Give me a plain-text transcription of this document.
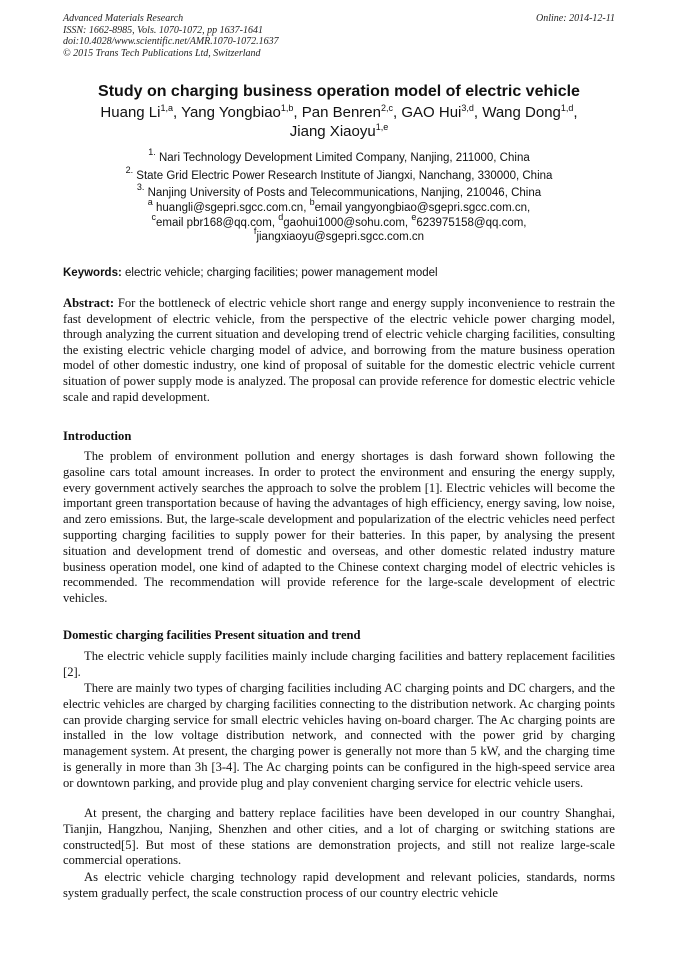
Advanced Materials Research
ISSN: 1662-8985, Vols. 1070-1072, pp 1637-1641
doi:10.4028/www.scientific.net/AMR.1070-1072.1637
© 2015 Trans Tech Publications Ltd, Switzerland
Online: 2014-12-11
Study on charging business operation model of electric vehicle
Huang Li$^{1,a}$, Yang Yongbiao$^{1,b}$, Pan Benren$^{2,c}$, GAO Hui$^{3,d}$, Wang Dong$^{1,d}$,
Jiang Xiaoyu$^{1,e}$
$^{1.}$ Nari Technology Development Limited Company, Nanjing, 211000, China
$^{2.}$ State Grid Electric Power Research Institute of Jiangxi, Nanchang, 330000, China
$^{3.}$ Nanjing University of Posts and Telecommunications, Nanjing, 210046, China
$^a$ huangli@sgepri.sgcc.com.cn, $^b$email yangyongbiao@sgepri.sgcc.com.cn,
$^c$email pbr168@qq.com, $^d$gaohui1000@sohu.com, $^e$623975158@qq.com,
$^f$jiangxiaoyu@sgepri.sgcc.com.cn
Keywords: electric vehicle; charging facilities; power management model

Abstract: For the bottleneck of electric vehicle short range and energy supply inconvenience to restrain the fast development of electric vehicle, from the perspective of the electric vehicle power charging model, through analyzing the current situation and developing trend of electric vehicle charging facilities, consulting the existing electric vehicle charging model of advice, and borrowing from the mature business operation model of other domestic industry, one kind of proposal of suitable for the domestic electric vehicle current situation of power supply mode is analyzed. The proposal can provide reference for domestic electric vehicle scale and rapid development.

Introduction

The problem of environment pollution and energy shortages is dash forward shown following the gasoline cars total amount increases. In order to protect the environment and ensuring the energy supply, every government actively searches the approach to solve the problem [1]. Electric vehicles will become the important green transportation because of having the advantages of high efficiency, energy saving, low noise, and zero emissions. But, the large-scale development and popularization of the electric vehicles need perfect supporting charging facilities to supply power for their batteries. In this paper, by analysing the present situation and development trend of domestic and overseas, and other domestic related industry mature business operation model, one kind of adapted to the Chinese context charging model of electric vehicles is recommended. The recommendation will provide reference for the large-scale development of electric vehicles.

Domestic charging facilities Present situation and trend

The electric vehicle supply facilities mainly include charging facilities and battery replacement facilities [2].

There are mainly two types of charging facilities including AC charging points and DC chargers, and the electric vehicles are charged by charging facilities connecting to the distribution network. Ac charging points can provide charging service for small electric vehicles having on-board charger. The Ac charging points are installed in the low voltage distribution network, and connected with the power grid by charging management system. At present, the charging power is generally not more than 5 kW, and the charging time is generally in more than 3h [3-4]. The Ac charging points can be configured in the high-speed service area or downtown parking, and provide plug and play convenient charging service for electric vehicle users.

At present, the charging and battery replace facilities have been developed in our country Shanghai, Tianjin, Hangzhou, Nanjing, Shenzhen and other cities, and a lot of charging or switching stations are constructed[5]. But most of these stations are demonstration projects, and still not realize large-scale commercial operations.

As electric vehicle charging technology rapid development and relevant policies, standards, norms system gradually perfect, the scale construction process of our country electric vehicle
